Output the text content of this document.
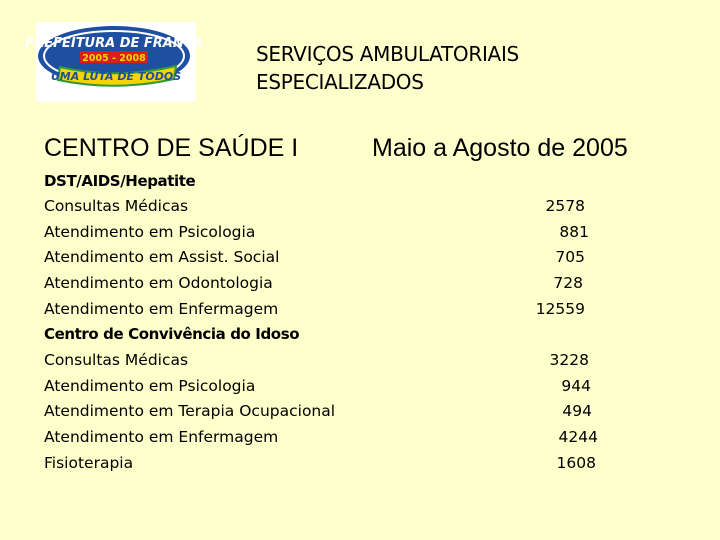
PREFEITURA DE FRANCA
2005 - 2008
UMA LUTA DE TODOS
SERVIÇOS AMBULATORIAIS
ESPECIALIZADOS
CENTRO DE SAÚDE I	Maio a Agosto de 2005
DST/AIDS/Hepatite
Consultas Médicas	2578
Atendimento em Psicologia	881
Atendimento em Assist. Social	705
Atendimento em Odontologia	728
Atendimento em Enfermagem	12559
Centro de Convivência do Idoso
Consultas Médicas	3228
Atendimento em Psicologia	944
Atendimento em Terapia Ocupacional	494
Atendimento em Enfermagem	4244
Fisioterapia	1608
